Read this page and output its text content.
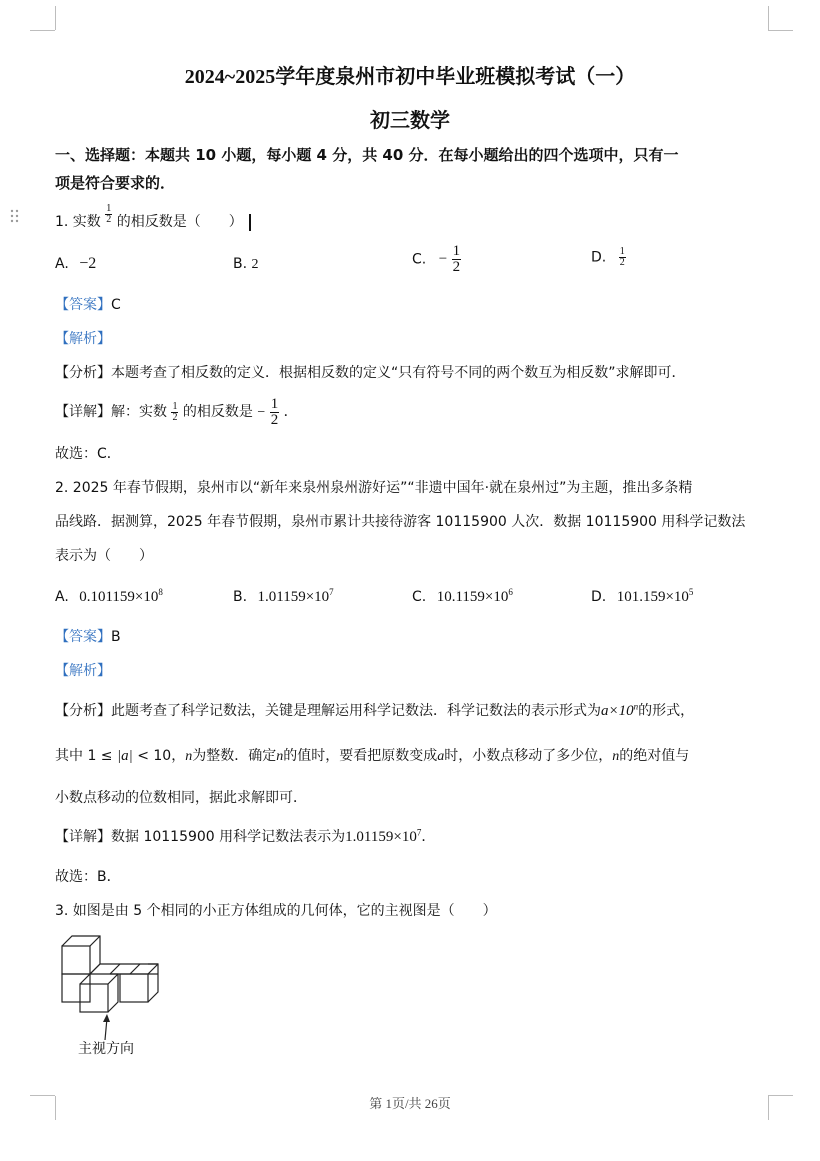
2024~2025学年度泉州市初中毕业班模拟考试（一）
初三数学
一、选择题：本题共 10 小题，每小题 4 分，共 40 分．在每小题给出的四个选项中，只有一
项是符合要求的．
1. 实数 $\frac{1}{2}$ 的相反数是（　　）
A. −2	B. 2	C. − $\frac{1}{2}$	D. $\frac{1}{2}$
【答案】C
【解析】
【分析】本题考查了相反数的定义．根据相反数的定义“只有符号不同的两个数互为相反数”求解即可．
【详解】解：实数 $\frac{1}{2}$ 的相反数是 − $\frac{1}{2}$ ．
故选：C．
2. 2025 年春节假期，泉州市以“新年来泉州泉州游好运”“非遗中国年·就在泉州过”为主题，推出多条精
品线路．据测算，2025 年春节假期，泉州市累计共接待游客 10115900 人次．数据 10115900 用科学记数法
表示为（　　）
A. $0.101159\times 10^8$	B. $1.01159\times 10^7$	C. $10.1159\times 10^6$	D. $101.159\times 10^5$
【答案】B
【解析】
【分析】此题考查了科学记数法，关键是理解运用科学记数法．科学记数法的表示形式为$a\times 10^n$的形式，
其中 1 ≤ |a| < 10，n为整数．确定n的值时，要看把原数变成a时，小数点移动了多少位，n的绝对值与
小数点移动的位数相同，据此求解即可．
【详解】数据 10115900 用科学记数法表示为$1.01159\times 10^7$．
故选：B．
3. 如图是由 5 个相同的小正方体组成的几何体，它的主视图是（　　）
主视方向
第 1页/共 26页
